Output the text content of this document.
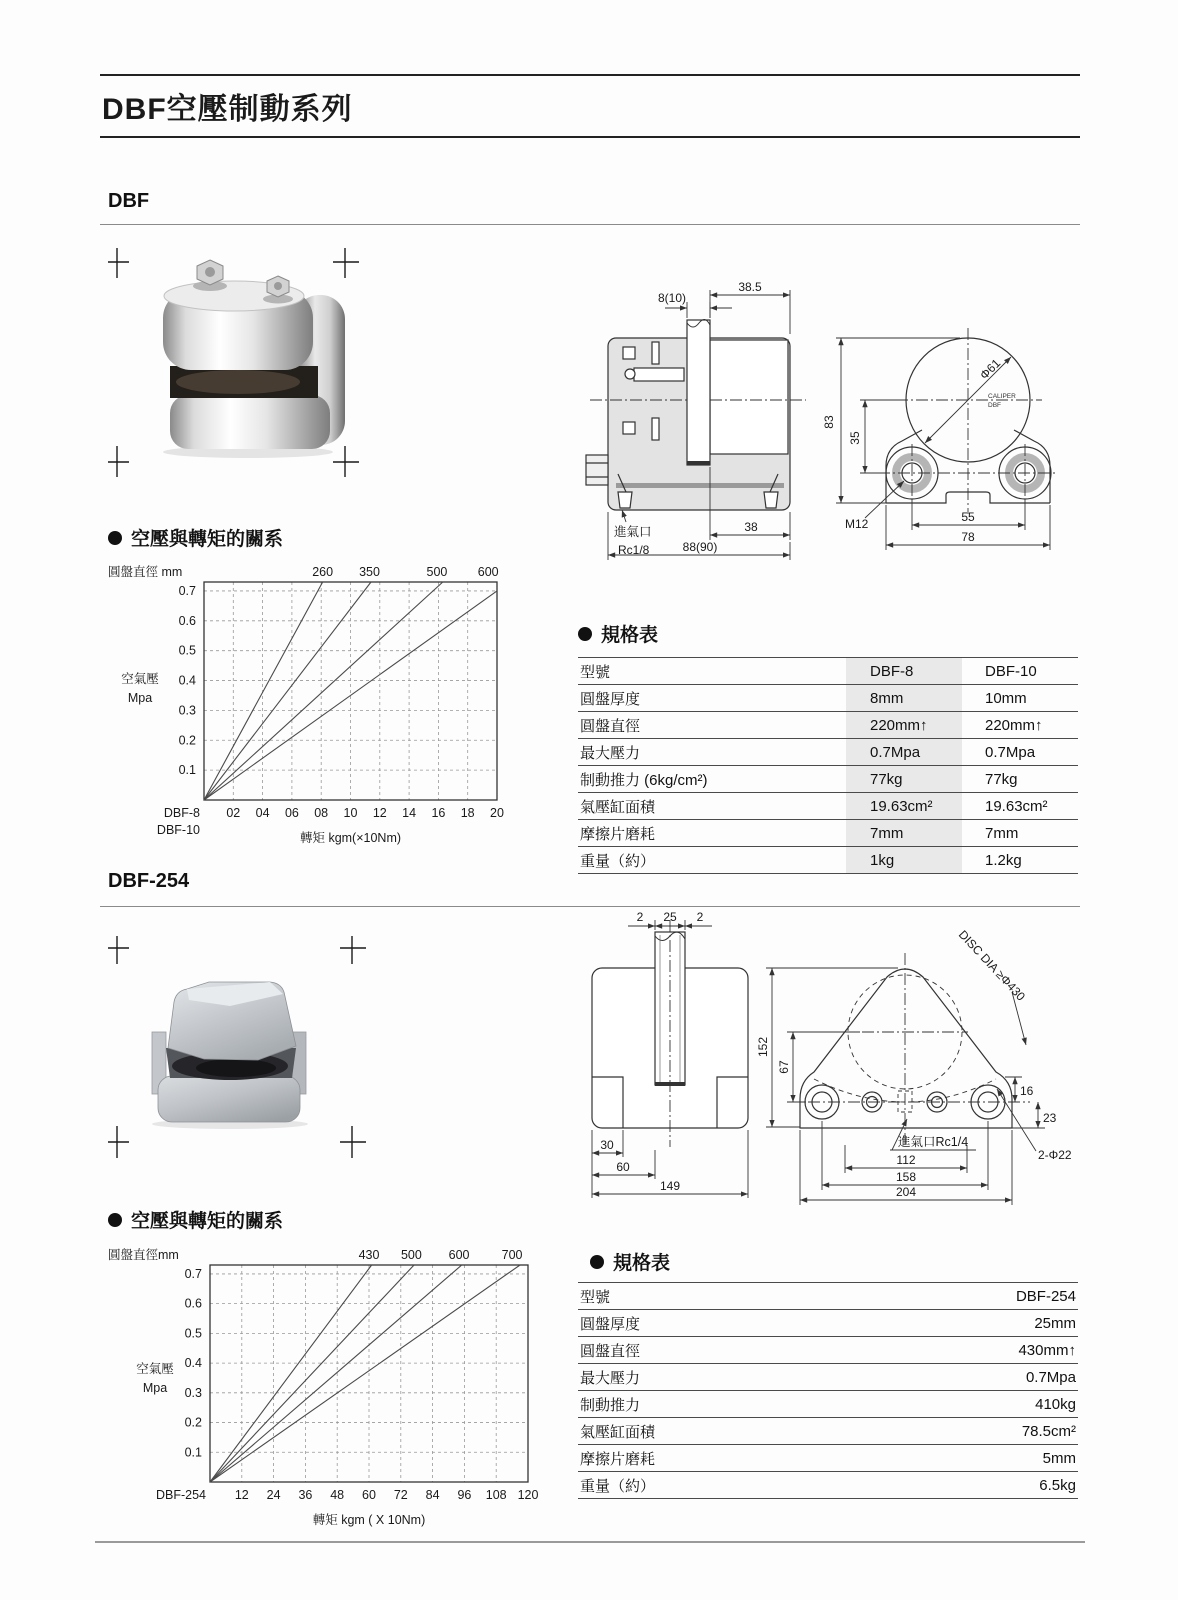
DBF空壓制動系列
DBF
38.5
8(10)
進氣口
Rc1/8
38
88(90)
Φ61
CALIPER
DBF
83
35
M12	55
78
空壓與轉矩的關系
02 04 06 08 10 12 14 16 18 20
0.1
0.2
0.3
0.4
0.5
0.6
0.7
260 350	500 600
圓盤直徑 mm
DBF-8
DBF-10
轉矩 kgm(×10Nm)
空氣壓
Mpa
規格表
型號	DBF-8	DBF-10
圓盤厚度	8mm	10mm
圓盤直徑	220mm↑	220mm↑
最大壓力	0.7Mpa	0.7Mpa
制動推力 (6kg/cm²)	77kg	77kg
氣壓缸面積	19.63cm²	19.63cm²
摩擦片磨耗	7mm	7mm
重量（約）	1kg	1.2kg
DBF-254
2 25 2
30
60
149
152
67
DISC DIA ≥Φ430
16
23
2-Φ22
進氣口Rc1/4
112
158
204
空壓與轉矩的關系
12 24 36 48 60 72 84 96 108 120
0.1
0.2
0.3
0.4
0.5
0.6
0.7
430 500 600	700
圓盤直徑mm
DBF-254
轉矩 kgm ( X 10Nm)
空氣壓
Mpa
規格表
型號	DBF-254
圓盤厚度	25mm
圓盤直徑	430mm↑
最大壓力	0.7Mpa
制動推力	410kg
氣壓缸面積	78.5cm²
摩擦片磨耗	5mm
重量（約）	6.5kg
